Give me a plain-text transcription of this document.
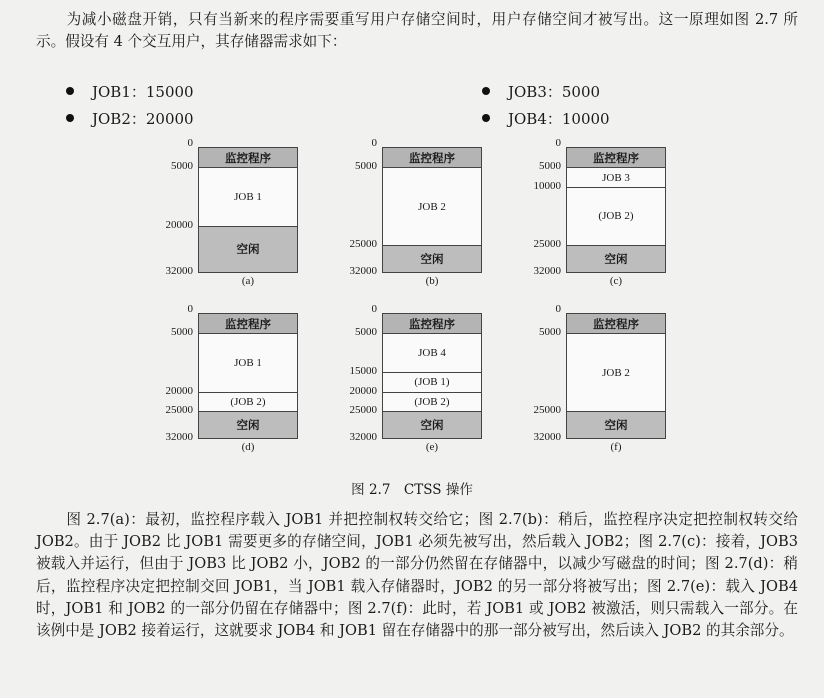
为减小磁盘开销，只有当新来的程序需要重写用户存储空间时，用户存储空间才被写出。这一原理如图 2.7 所示。假设有 4 个交互用户，其存储器需求如下：

JOB1：15000	JOB3：5000
JOB2：20000	JOB4：10000
监控程序
JOB 1
空闲
0
5000
20000
32000
(a)
监控程序
JOB 2
空闲
0
5000
25000
32000
(b)
监控程序
JOB 3
(JOB 2)
空闲
0
5000
10000
25000
32000
(c)
监控程序
JOB 1
(JOB 2)
空闲
0
5000
20000
25000
32000
(d)
监控程序
JOB 4
(JOB 1)
(JOB 2)
空闲
0
5000
15000
20000
25000
32000
(e)
监控程序
JOB 2
空闲
0
5000
25000
32000
(f)
图 2.7　CTSS 操作

图 2.7(a)：最初，监控程序载入 JOB1 并把控制权转交给它；图 2.7(b)：稍后，监控程序决定把控制权转交给 JOB2。由于 JOB2 比 JOB1 需要更多的存储空间，JOB1 必须先被写出，然后载入 JOB2；图 2.7(c)：接着，JOB3 被载入并运行，但由于 JOB3 比 JOB2 小，JOB2 的一部分仍然留在存储器中，以减少写磁盘的时间；图 2.7(d)：稍后，监控程序决定把控制交回 JOB1，当 JOB1 载入存储器时，JOB2 的另一部分将被写出；图 2.7(e)：载入 JOB4 时，JOB1 和 JOB2 的一部分仍留在存储器中；图 2.7(f)：此时，若 JOB1 或 JOB2 被激活，则只需载入一部分。在该例中是 JOB2 接着运行，这就要求 JOB4 和 JOB1 留在存储器中的那一部分被写出，然后读入 JOB2 的其余部分。
